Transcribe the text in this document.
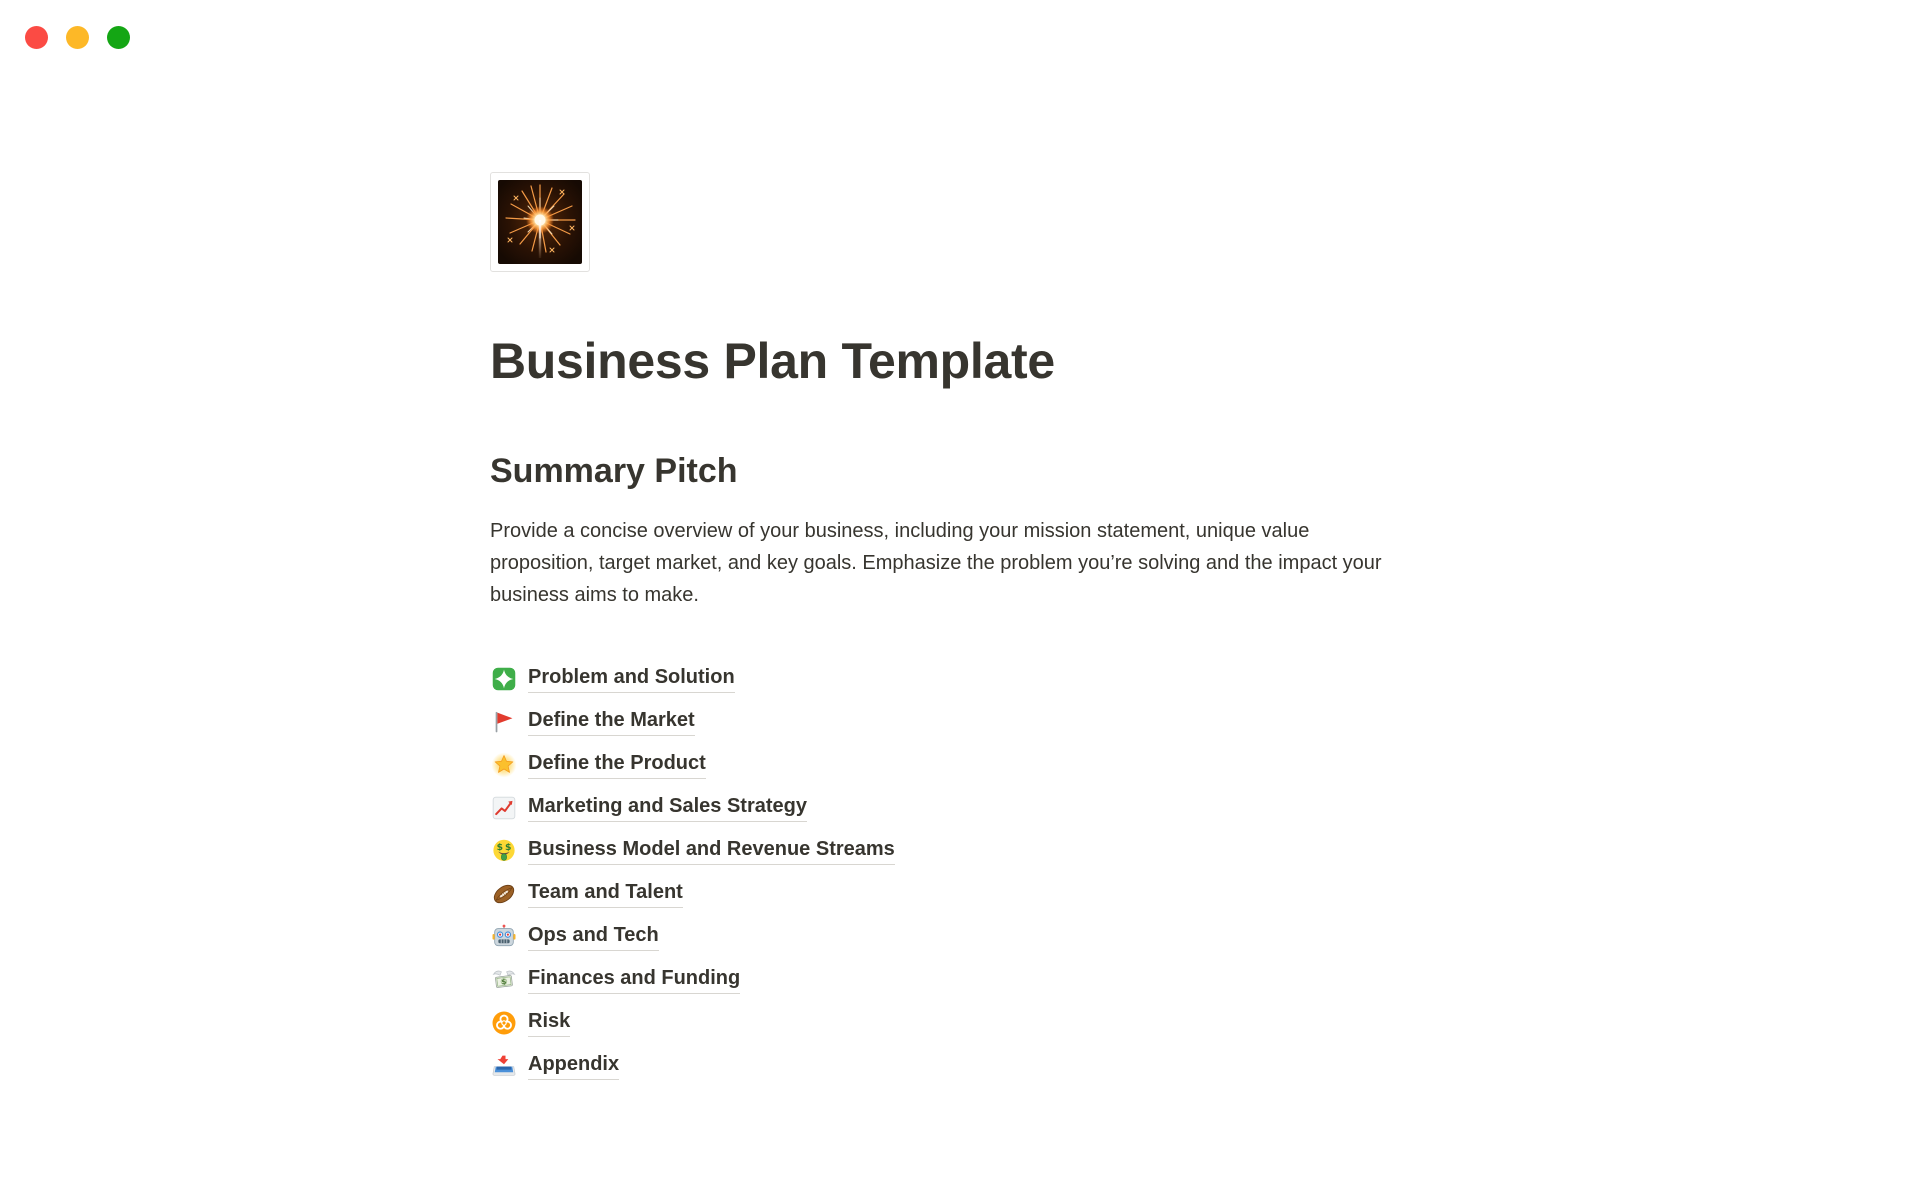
Business Plan Template
Summary Pitch

Provide a concise overview of your business, including your mission statement, unique value proposition, target market, and key goals. Emphasize the problem you’re solving and the impact your business aims to make.

Problem and Solution
Define the Market
Define the Product
Marketing and Sales Strategy
$ $ Business Model and Revenue Streams
Team and Talent
Ops and Tech
$ Finances and Funding
Risk
Appendix
